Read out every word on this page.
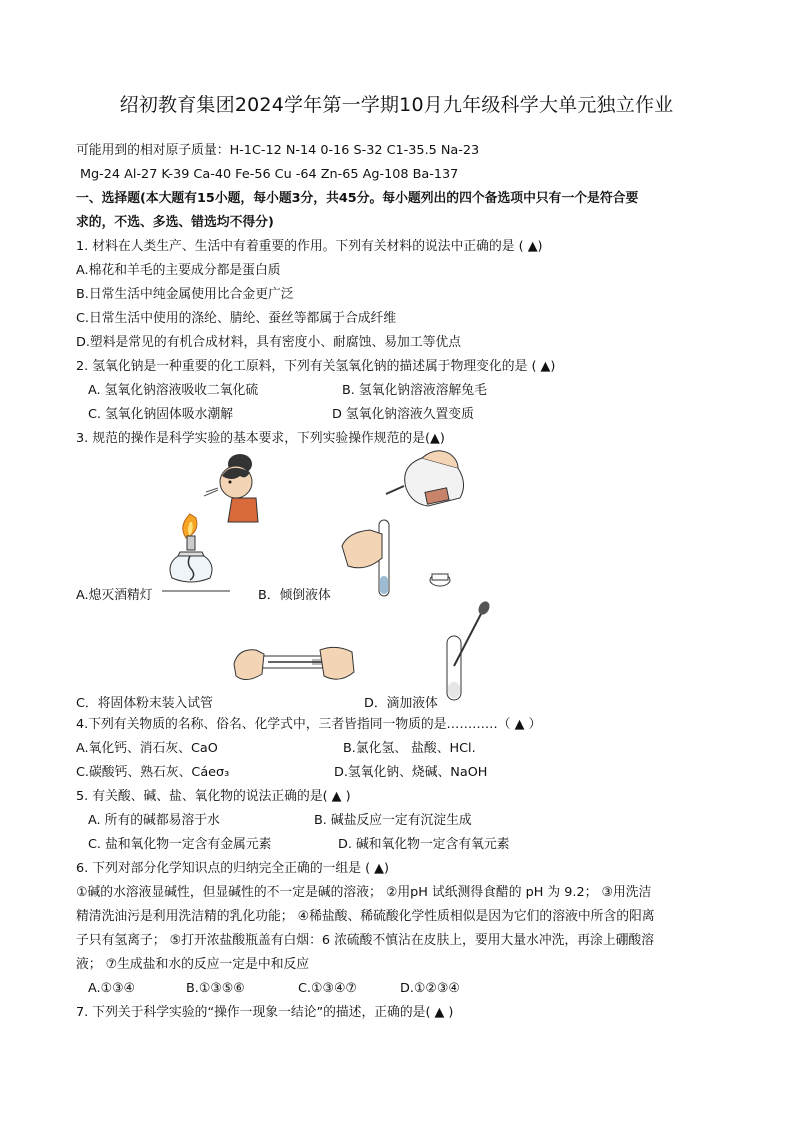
绍初教育集团2024学年第一学期10月九年级科学大单元独立作业
可能用到的相对原子质量：H-1C-12 N-14 0-16 S-32 C1-35.5 Na-23
Mg-24 Al-27 K-39 Ca-40 Fe-56 Cu -64 Zn-65 Ag-108 Ba-137
一、选择题(本大题有15小题，每小题3分，共45分。每小题列出的四个备选项中只有一个是符合要
求的，不选、多选、错选均不得分)
1. 材料在人类生产、生活中有着重要的作用。下列有关材料的说法中正确的是 ( ▲)
A.棉花和羊毛的主要成分都是蛋白质
B.日常生活中纯金属使用比合金更广泛
C.日常生活中使用的涤纶、腈纶、蚕丝等都属于合成纤维
D.塑料是常见的有机合成材料，具有密度小、耐腐蚀、易加工等优点
2. 氢氧化钠是一种重要的化工原料，下列有关氢氧化钠的描述属于物理变化的是 ( ▲)
A. 氢氧化钠溶液吸收二氧化硫	B. 氢氧化钠溶液溶解兔毛
C. 氢氧化钠固体吸水潮解	D 氢氧化钠溶液久置变质
3. 规范的操作是科学实验的基本要求，下列实验操作规范的是(▲)
A.熄灭酒精灯	B．倾倒液体
C．将固体粉末装入试管	D．滴加液体
4.下列有关物质的名称、俗名、化学式中，三者皆指同一物质的是…………（ ▲ ）
A.氧化钙、消石灰、CaO	B.氯化氢、 盐酸、HCl.
C.碳酸钙、熟石灰、Cáeσ₃	D.氢氧化钠、烧碱、NaOH
5. 有关酸、碱、盐、氧化物的说法正确的是( ▲ )
A. 所有的碱都易溶于水	B. 碱盐反应一定有沉淀生成
C. 盐和氧化物一定含有金属元素	D. 碱和氧化物一定含有氧元素
6. 下列对部分化学知识点的归纳完全正确的一组是 ( ▲)
①碱的水溶液显碱性，但显碱性的不一定是碱的溶液； ②用pH 试纸测得食醋的 pH 为 9.2； ③用洗洁
精清洗油污是利用洗洁精的乳化功能； ④稀盐酸、稀硫酸化学性质相似是因为它们的溶液中所含的阳离
子只有氢离子； ⑤打开浓盐酸瓶盖有白烟：6 浓硫酸不慎沾在皮肤上，要用大量水冲洗，再涂上硼酸溶
液； ⑦生成盐和水的反应一定是中和反应
A.①③④	B.①③⑤⑥	C.①③④⑦	D.①②③④
7. 下列关于科学实验的“操作一现象一结论”的描述，正确的是( ▲ )
